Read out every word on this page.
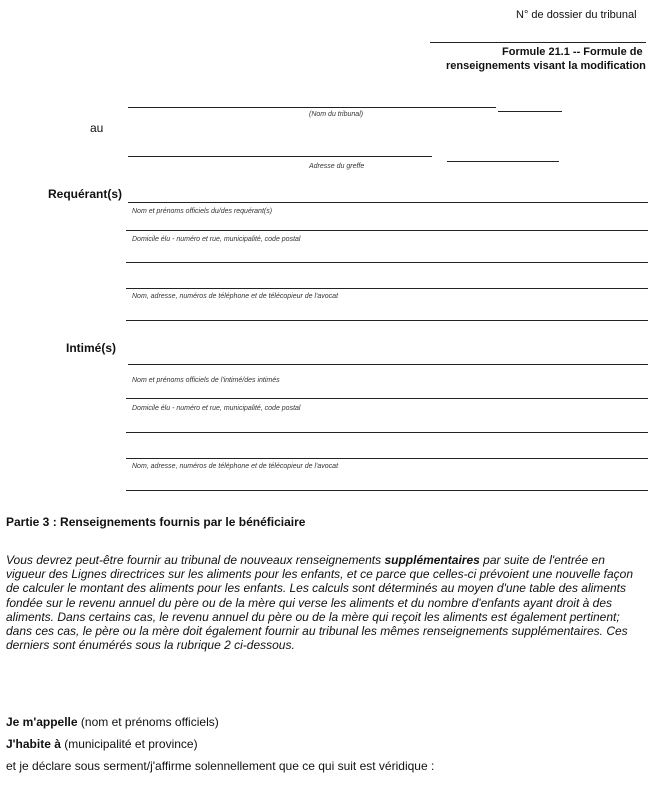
N° de dossier du tribunal
Formule 21.1 -- Formule de
renseignements visant la modification
(Nom du tribunal)
au
Adresse du greffe
Requérant(s)
Nom et prénoms officiels du/des requérant(s)
Domicile élu - numéro et rue, municipalité, code postal
Nom, adresse, numéros de téléphone et de télécopieur de l'avocat
Intimé(s)
Nom et prénoms officiels de l'intimé/des intimés
Domicile élu - numéro et rue, municipalité, code postal
Nom, adresse, numéros de téléphone et de télécopieur de l'avocat
Partie 3 : Renseignements fournis par le bénéficiaire
Vous devrez peut-être fournir au tribunal de nouveaux renseignements supplémentaires par suite de l'entrée en vigueur des Lignes directrices sur les aliments pour les enfants, et ce parce que celles-ci prévoient une nouvelle façon de calculer le montant des aliments pour les enfants. Les calculs sont déterminés au moyen d'une table des aliments fondée sur le revenu annuel du père ou de la mère qui verse les aliments et du nombre d'enfants ayant droit à des aliments. Dans certains cas, le revenu annuel du père ou de la mère qui reçoit les aliments est également pertinent; dans ces cas, le père ou la mère doit également fournir au tribunal les mêmes renseignements supplémentaires. Ces derniers sont énumérés sous la rubrique 2 ci-dessous.
Je m'appelle (nom et prénoms officiels)
J'habite à (municipalité et province)
et je déclare sous serment/j'affirme solennellement que ce qui suit est véridique :
